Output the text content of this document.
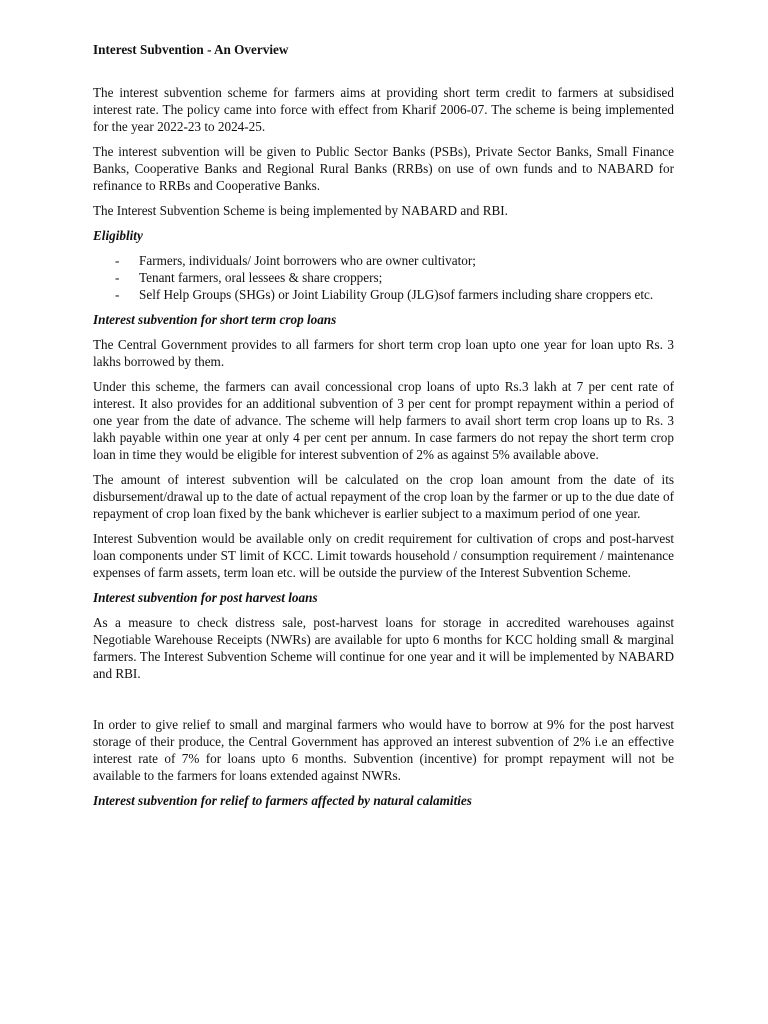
Interest Subvention - An Overview

The interest subvention scheme for farmers aims at providing short term credit to farmers at subsidised interest rate. The policy came into force with effect from Kharif 2006-07. The scheme is being implemented for the year 2022-23 to 2024-25.

The interest subvention will be given to Public Sector Banks (PSBs), Private Sector Banks, Small Finance Banks, Cooperative Banks and Regional Rural Banks (RRBs) on use of own funds and to NABARD for refinance to RRBs and Cooperative Banks.

The Interest Subvention Scheme is being implemented by NABARD and RBI.

Eligiblity
- Farmers, individuals/ Joint borrowers who are owner cultivator;
- Tenant farmers, oral lessees & share croppers;
- Self Help Groups (SHGs) or Joint Liability Group (JLG)sof farmers including share croppers etc.
Interest subvention for short term crop loans

The Central Government provides to all farmers for short term crop loan upto one year for loan upto Rs. 3 lakhs borrowed by them.

Under this scheme, the farmers can avail concessional crop loans of upto Rs.3 lakh at 7 per cent rate of interest. It also provides for an additional subvention of 3 per cent for prompt repayment within a period of one year from the date of advance. The scheme will help farmers to avail short term crop loans up to Rs. 3 lakh payable within one year at only 4 per cent per annum. In case farmers do not repay the short term crop loan in time they would be eligible for interest subvention of 2% as against 5% available above.

The amount of interest subvention will be calculated on the crop loan amount from the date of its disbursement/drawal up to the date of actual repayment of the crop loan by the farmer or up to the due date of repayment of crop loan fixed by the bank whichever is earlier subject to a maximum period of one year.

Interest Subvention would be available only on credit requirement for cultivation of crops and post-harvest loan components under ST limit of KCC. Limit towards household / consumption requirement / maintenance expenses of farm assets, term loan etc. will be outside the purview of the Interest Subvention Scheme.

Interest subvention for post harvest loans

As a measure to check distress sale, post-harvest loans for storage in accredited warehouses against Negotiable Warehouse Receipts (NWRs) are available for upto 6 months for KCC holding small & marginal farmers. The Interest Subvention Scheme will continue for one year and it will be implemented by NABARD and RBI.

In order to give relief to small and marginal farmers who would have to borrow at 9% for the post harvest storage of their produce, the Central Government has approved an interest subvention of 2% i.e an effective interest rate of 7% for loans upto 6 months. Subvention (incentive) for prompt repayment will not be available to the farmers for loans extended against NWRs.

Interest subvention for relief to farmers affected by natural calamities
